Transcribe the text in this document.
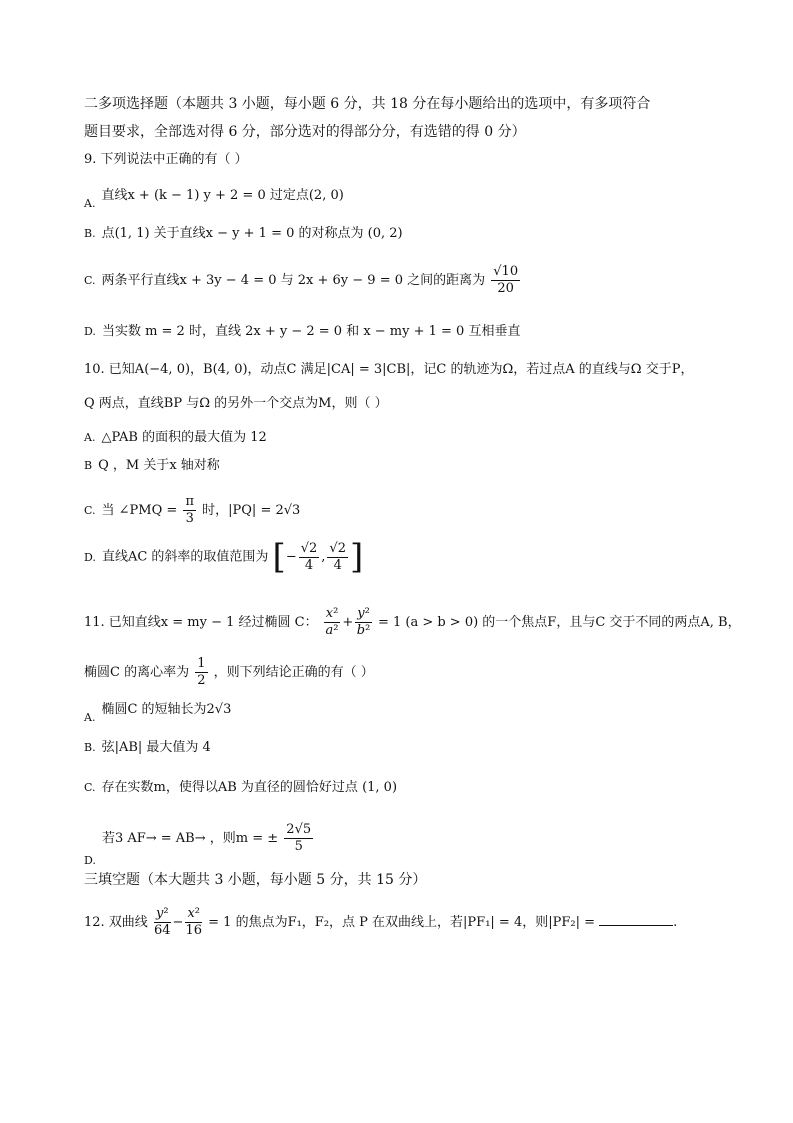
二多项选择题（本题共 3 小题，每小题 6 分，共 18 分在每小题给出的选项中，有多项符合
题目要求，全部选对得 6 分，部分选对的得部分分，有选错的得 0 分）
9. 下列说法中正确的有（ ）
$_{A.}$直线x + (k − 1) y + 2 = 0 过定点(2, 0)
B. 点(1, 1) 关于直线x − y + 1 = 0 的对称点为 (0, 2)
C. 两条平行直线x + 3y − 4 = 0 与 2x + 6y − 9 = 0 之间的距离为 $\frac{√10}{20}$
D. 当实数 m = 2 时，直线 2x + y − 2 = 0 和 x − my + 1 = 0 互相垂直
10. 已知A(−4, 0)，B(4, 0)，动点C 满足|CA| = 3|CB|，记C 的轨迹为Ω，若过点A 的直线与Ω 交于P，
Q 两点，直线BP 与Ω 的另外一个交点为M，则（ ）
A. △PAB 的面积的最大值为 12
B Q ，M 关于x 轴对称
C. 当 ∠PMQ = $\frac{\pi}{3}$ 时，|PQ| = 2√3
D. 直线AC 的斜率的取值范围为 [− $\frac{√2}{4}$ , $\frac{√2}{4}$ ]
11. 已知直线x = my − 1 经过椭圆 C： $\frac{\text{x²}}{\text{a²}} + \frac{\text{y²}}{\text{b²}} = 1$ (a > b > 0) 的一个焦点F，且与C 交于不同的两点A, B，
椭圆C 的离心率为 $\frac{1}{2}$ ，则下列结论正确的有（ ）
$_{A.}$椭圆C 的短轴长为2√3
B. 弦|AB| 最大值为 4
C. 存在实数m，使得以AB 为直径的圆恰好过点 (1, 0)
$_{D.}$若3 AF→ = AB→ ，则m = ± $\frac{2√5}{5}$
三填空题（本大题共 3 小题，每小题 5 分，共 15 分）
12. 双曲线 $\frac{\text{y²}}{64} - \frac{\text{x²}}{16} = 1$ 的焦点为F₁，F₂，点 P 在双曲线上，若|PF₁| = 4，则|PF₂| =	.
